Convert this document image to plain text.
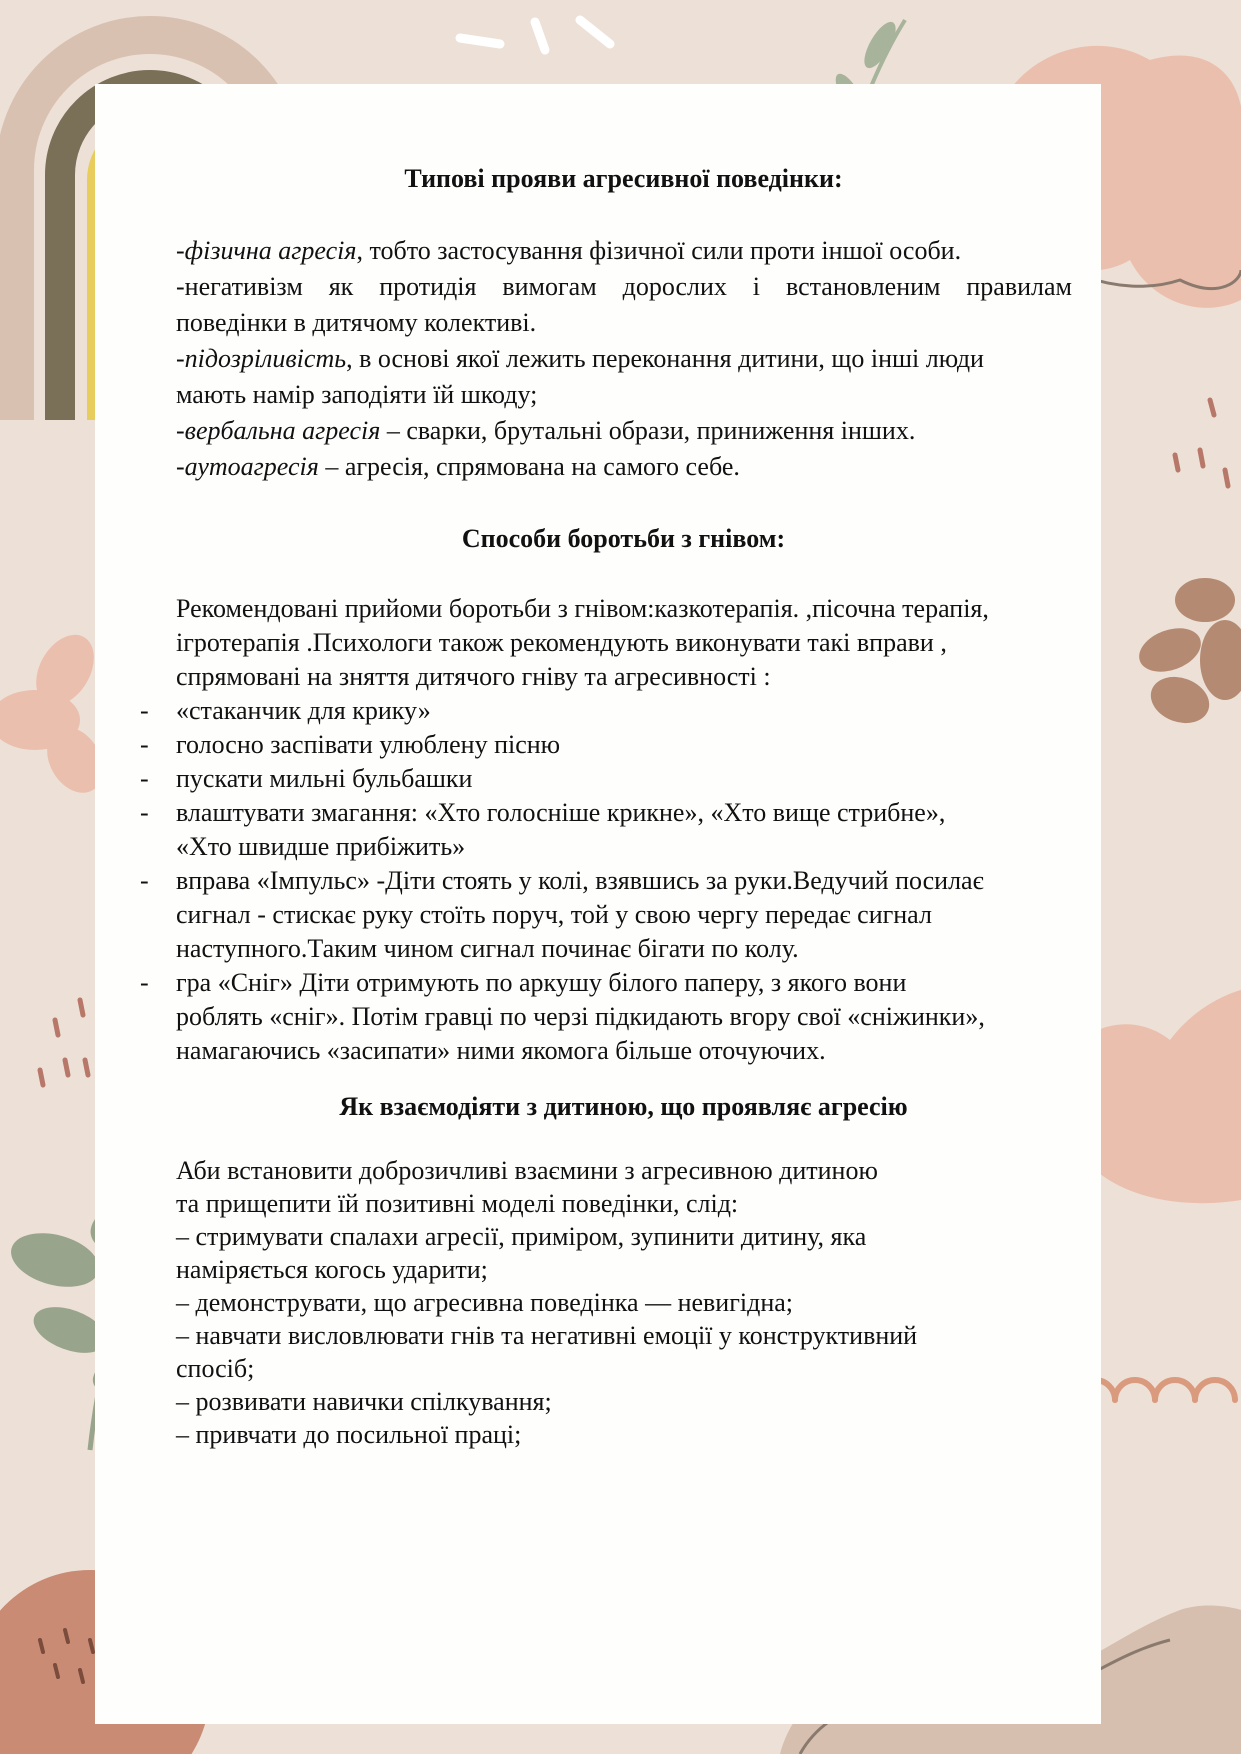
Типові прояви агресивної поведінки:
-фізична агресія, тобто застосування фізичної сили проти іншої особи.
-негативізм як протидія вимогам дорослих і встановленим правилам
поведінки в дитячому колективі.
-підозріливість, в основі якої лежить переконання дитини, що інші люди
мають намір заподіяти їй шкоду;
-вербальна агресія – сварки, брутальні образи, приниження інших.
-аутоагресія – агресія, спрямована на самого себе.
Способи боротьби з гнівом:
Рекомендовані прийоми боротьби з гнівом:казкотерапія. ,пісочна терапія,
ігротерапія .Психологи також рекомендують виконувати такі вправи ,
спрямовані на зняття дитячого гніву та агресивності :
- «стаканчик для крику»
- голосно заспівати улюблену пісню
- пускати мильні бульбашки
- влаштувати змагання: «Хто голосніше крикне», «Хто вище стрибне»,
«Хто швидше прибіжить»
- вправа «Імпульс» -Діти стоять у колі, взявшись за руки.Ведучий посилає
сигнал - стискає руку стоїть поруч, той у свою чергу передає сигнал
наступного.Таким чином сигнал починає бігати по колу.
- гра «Сніг» Діти отримують по аркушу білого паперу, з якого вони
роблять «сніг». Потім гравці по черзі підкидають вгору свої «сніжинки»,
намагаючись «засипати» ними якомога більше оточуючих.
Як взаємодіяти з дитиною, що проявляє агресію
Аби встановити доброзичливі взаємини з агресивною дитиною
та прищепити їй позитивні моделі поведінки, слід:
– стримувати спалахи агресії, приміром, зупинити дитину, яка
наміряється когось ударити;
– демонструвати, що агресивна поведінка — невигідна;
– навчати висловлювати гнів та негативні емоції у конструктивний
спосіб;
– розвивати навички спілкування;
– привчати до посильної праці;
